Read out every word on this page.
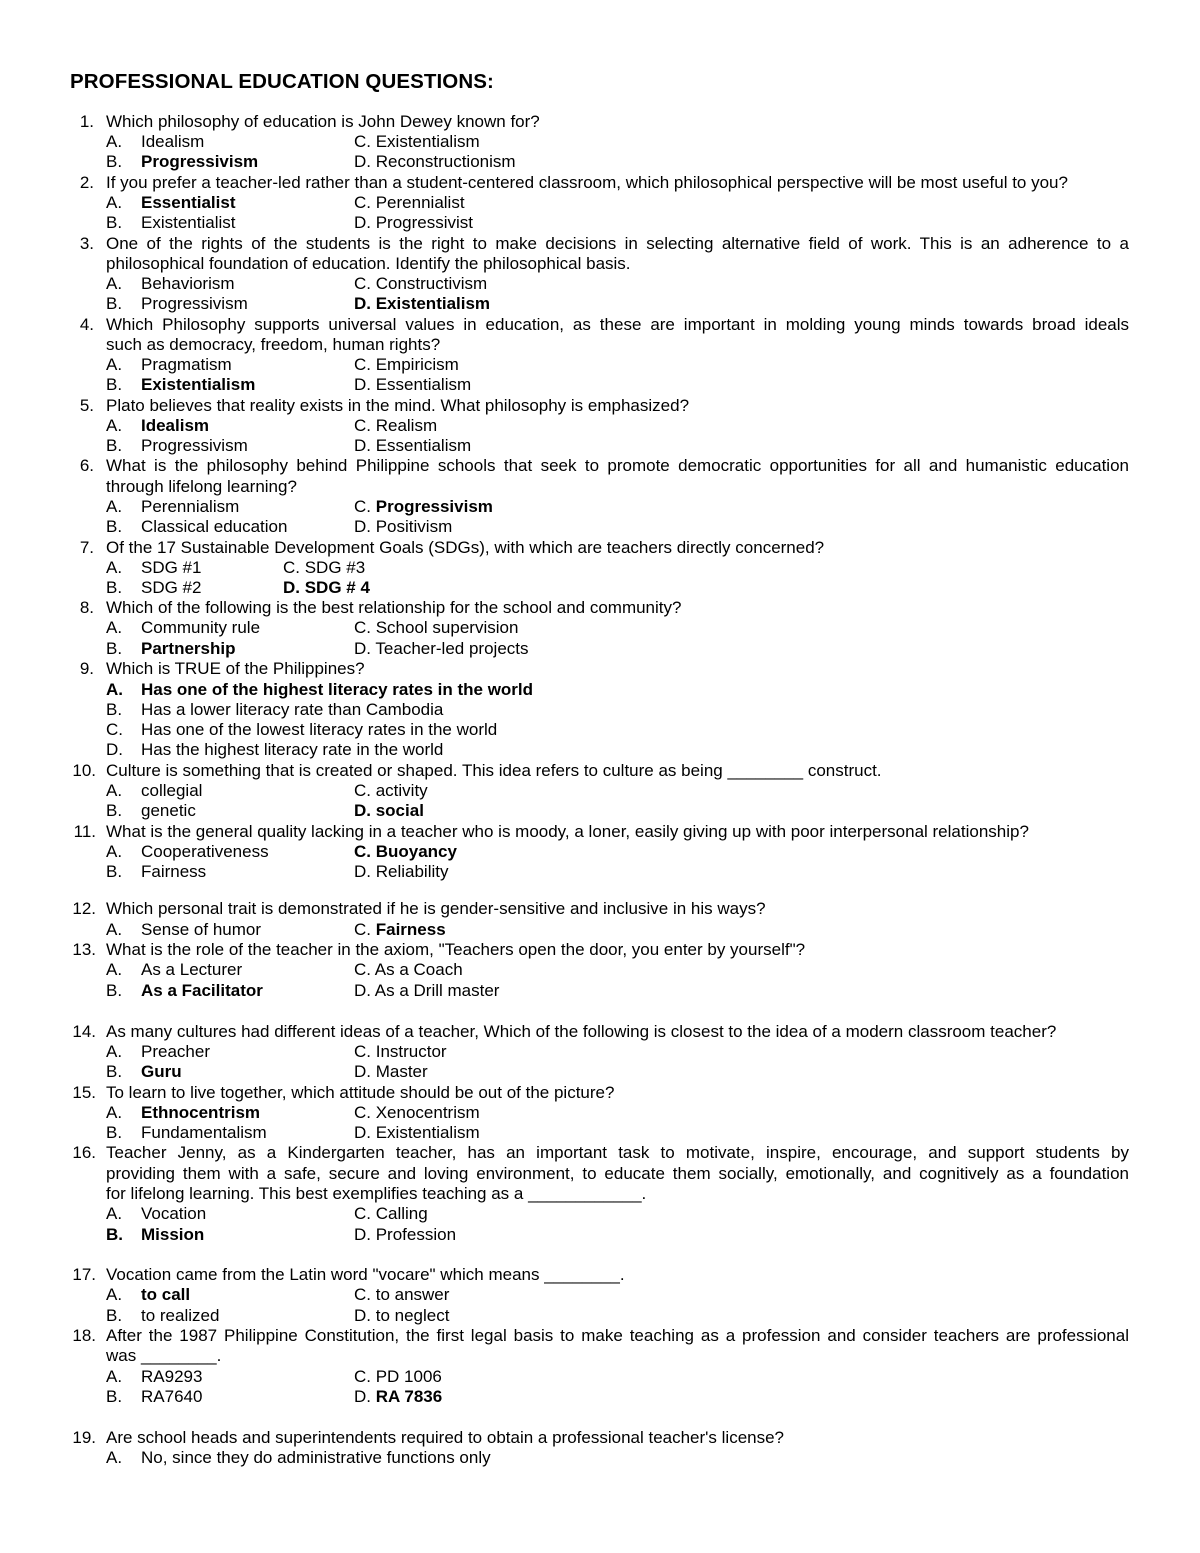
PROFESSIONAL EDUCATION QUESTIONS:
1. Which philosophy of education is John Dewey known for?
A. Idealism	C. Existentialism
B. Progressivism	D. Reconstructionism
2. If you prefer a teacher-led rather than a student-centered classroom, which philosophical perspective will be most useful to you?
A. Essentialist	C. Perennialist
B. Existentialist	D. Progressivist
3. One of the rights of the students is the right to make decisions in selecting alternative field of work. This is an adherence to a
philosophical foundation of education. Identify the philosophical basis.
A. Behaviorism	C. Constructivism
B. Progressivism	D. Existentialism
4. Which Philosophy supports universal values in education, as these are important in molding young minds towards broad ideals
such as democracy, freedom, human rights?
A. Pragmatism	C. Empiricism
B. Existentialism	D. Essentialism
5. Plato believes that reality exists in the mind. What philosophy is emphasized?
A. Idealism	C. Realism
B. Progressivism	D. Essentialism
6. What is the philosophy behind Philippine schools that seek to promote democratic opportunities for all and humanistic education
through lifelong learning?
A. Perennialism	C. Progressivism
B. Classical education	D. Positivism
7. Of the 17 Sustainable Development Goals (SDGs), with which are teachers directly concerned?
A. SDG #1	C. SDG #3
B. SDG #2	D. SDG # 4
8. Which of the following is the best relationship for the school and community?
A. Community rule	C. School supervision
B. Partnership	D. Teacher-led projects
9. Which is TRUE of the Philippines?
A. Has one of the highest literacy rates in the world
B. Has a lower literacy rate than Cambodia
C. Has one of the lowest literacy rates in the world
D. Has the highest literacy rate in the world
10. Culture is something that is created or shaped. This idea refers to culture as being ________ construct.
A. collegial	C. activity
B. genetic	D. social
11. What is the general quality lacking in a teacher who is moody, a loner, easily giving up with poor interpersonal relationship?
A. Cooperativeness	C. Buoyancy
B. Fairness	D. Reliability
12. Which personal trait is demonstrated if he is gender-sensitive and inclusive in his ways?
A. Sense of humor	C. Fairness
13. What is the role of the teacher in the axiom, "Teachers open the door, you enter by yourself"?
A. As a Lecturer	C. As a Coach
B. As a Facilitator	D. As a Drill master
14. As many cultures had different ideas of a teacher, Which of the following is closest to the idea of a modern classroom teacher?
A. Preacher	C. Instructor
B. Guru	D. Master
15. To learn to live together, which attitude should be out of the picture?
A. Ethnocentrism	C. Xenocentrism
B. Fundamentalism	D. Existentialism
16. Teacher Jenny, as a Kindergarten teacher, has an important task to motivate, inspire, encourage, and support students by
providing them with a safe, secure and loving environment, to educate them socially, emotionally, and cognitively as a foundation
for lifelong learning. This best exemplifies teaching as a ____________.
A. Vocation	C. Calling
B. Mission	D. Profession
17. Vocation came from the Latin word "vocare" which means ________.
A. to call	C. to answer
B. to realized	D. to neglect
18. After the 1987 Philippine Constitution, the first legal basis to make teaching as a profession and consider teachers are professional
was ________.
A. RA9293	C. PD 1006
B. RA7640	D. RA 7836
19. Are school heads and superintendents required to obtain a professional teacher's license?
A. No, since they do administrative functions only
